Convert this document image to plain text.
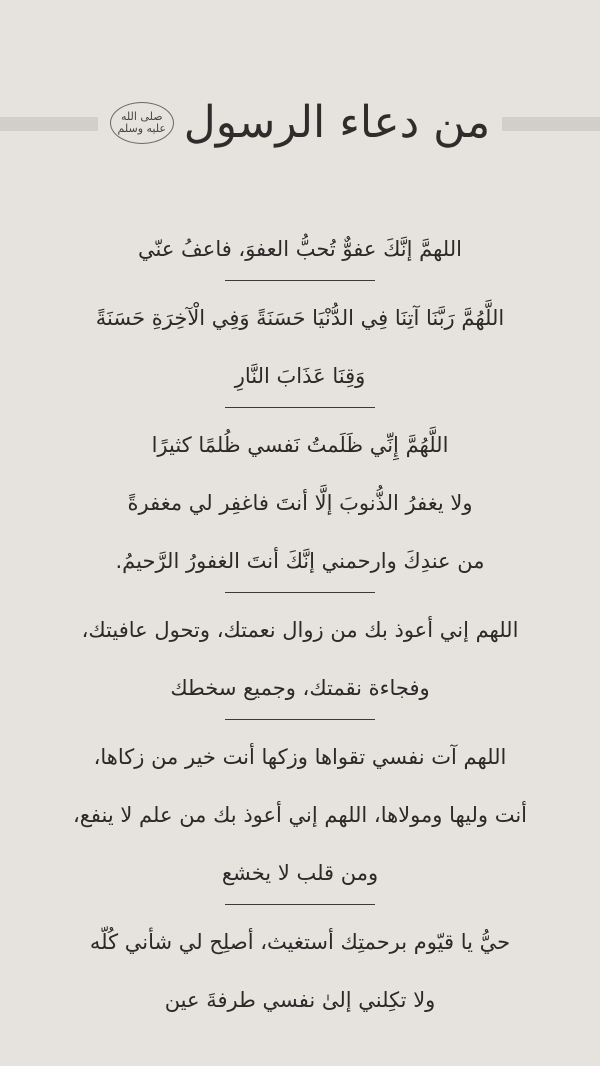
من دعاء الرسول
صلى الله عليه وسلم
اللهمَّ إنَّكَ عفوٌّ تُحبُّ العفوَ، فاعفُ عنّي
اللَّهُمَّ رَبَّنَا آتِنَا فِي الدُّنْيَا حَسَنَةً وَفِي الْآخِرَةِ حَسَنَةً
وَقِنَا عَذَابَ النَّارِ
اللَّهُمَّ إِنِّي ظَلَمتُ نَفسي ظُلمًا كثيرًا
ولا يغفرُ الذُّنوبَ إلَّا أنتَ فاغفِر لي مغفرةً
من عندِكَ وارحمني إنَّكَ أنتَ الغفورُ الرَّحيمُ.
اللهم إني أعوذ بك من زوال نعمتك، وتحول عافيتك،
وفجاءة نقمتك، وجميع سخطك
اللهم آت نفسي تقواها وزكها أنت خير من زكاها،
أنت وليها ومولاها، اللهم إني أعوذ بك من علم لا ينفع،
ومن قلب لا يخشع
حيُّ يا قيّوم برحمتِك أستغيث، أصلِح لي شأني كُلّه
ولا تكِلني إلىٰ نفسي طرفةَ عين
